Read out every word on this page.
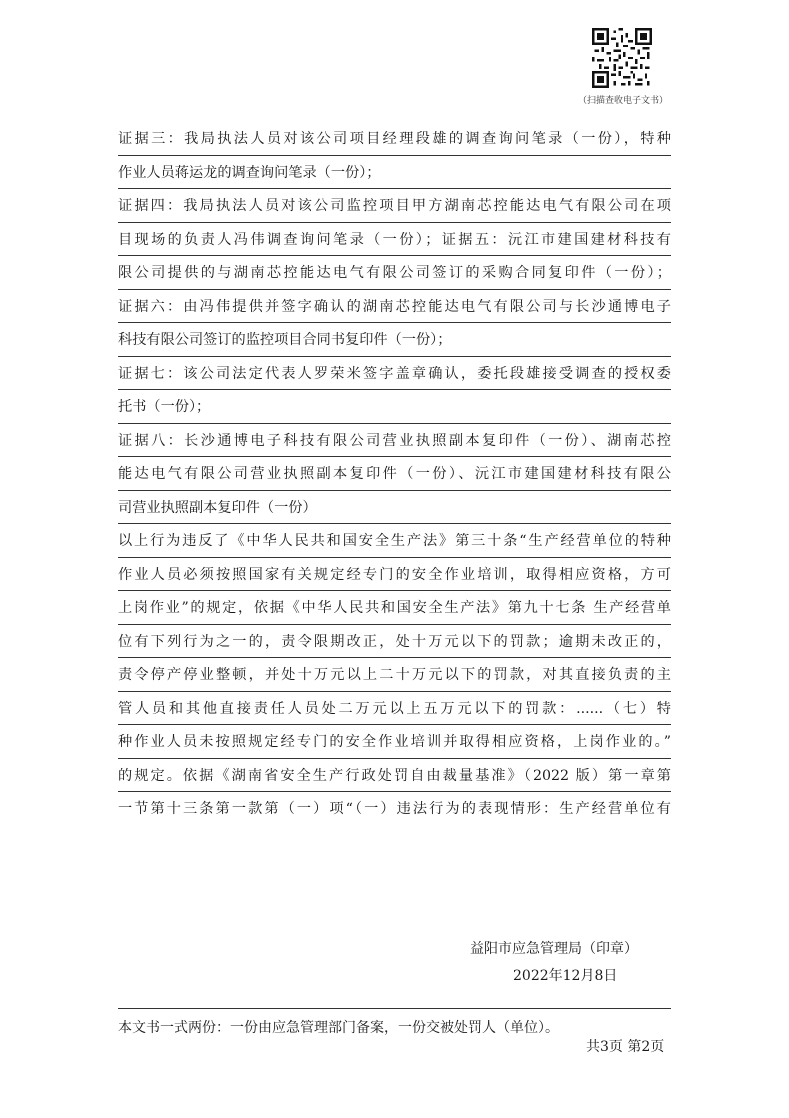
（扫描查收电子文书）
证据三：我局执法人员对该公司项目经理段雄的调查询问笔录（一份），特种
作业人员蒋运龙的调查询问笔录（一份）；
证据四：我局执法人员对该公司监控项目甲方湖南芯控能达电气有限公司在项
目现场的负责人冯伟调查询问笔录（一份）；证据五：沅江市建国建材科技有
限公司提供的与湖南芯控能达电气有限公司签订的采购合同复印件（一份）；
证据六：由冯伟提供并签字确认的湖南芯控能达电气有限公司与长沙通博电子
科技有限公司签订的监控项目合同书复印件（一份）；
证据七：该公司法定代表人罗荣米签字盖章确认，委托段雄接受调查的授权委
托书（一份）；
证据八：长沙通博电子科技有限公司营业执照副本复印件（一份）、湖南芯控
能达电气有限公司营业执照副本复印件（一份）、沅江市建国建材科技有限公
司营业执照副本复印件（一份）
以上行为违反了《中华人民共和国安全生产法》第三十条“生产经营单位的特种
作业人员必须按照国家有关规定经专门的安全作业培训，取得相应资格，方可
上岗作业”的规定，依据《中华人民共和国安全生产法》第九十七条 生产经营单
位有下列行为之一的，责令限期改正，处十万元以下的罚款；逾期未改正的，
责令停产停业整顿，并处十万元以上二十万元以下的罚款，对其直接负责的主
管人员和其他直接责任人员处二万元以上五万元以下的罚款：......（七）特
种作业人员未按照规定经专门的安全作业培训并取得相应资格，上岗作业的。”
的规定。依据《湖南省安全生产行政处罚自由裁量基准》（2022 版）第一章第
一节第十三条第一款第（一）项“（一）违法行为的表现情形：生产经营单位有
益阳市应急管理局（印章）
2022年12月8日
本文书一式两份：一份由应急管理部门备案，一份交被处罚人（单位）。
共3页 第2页
